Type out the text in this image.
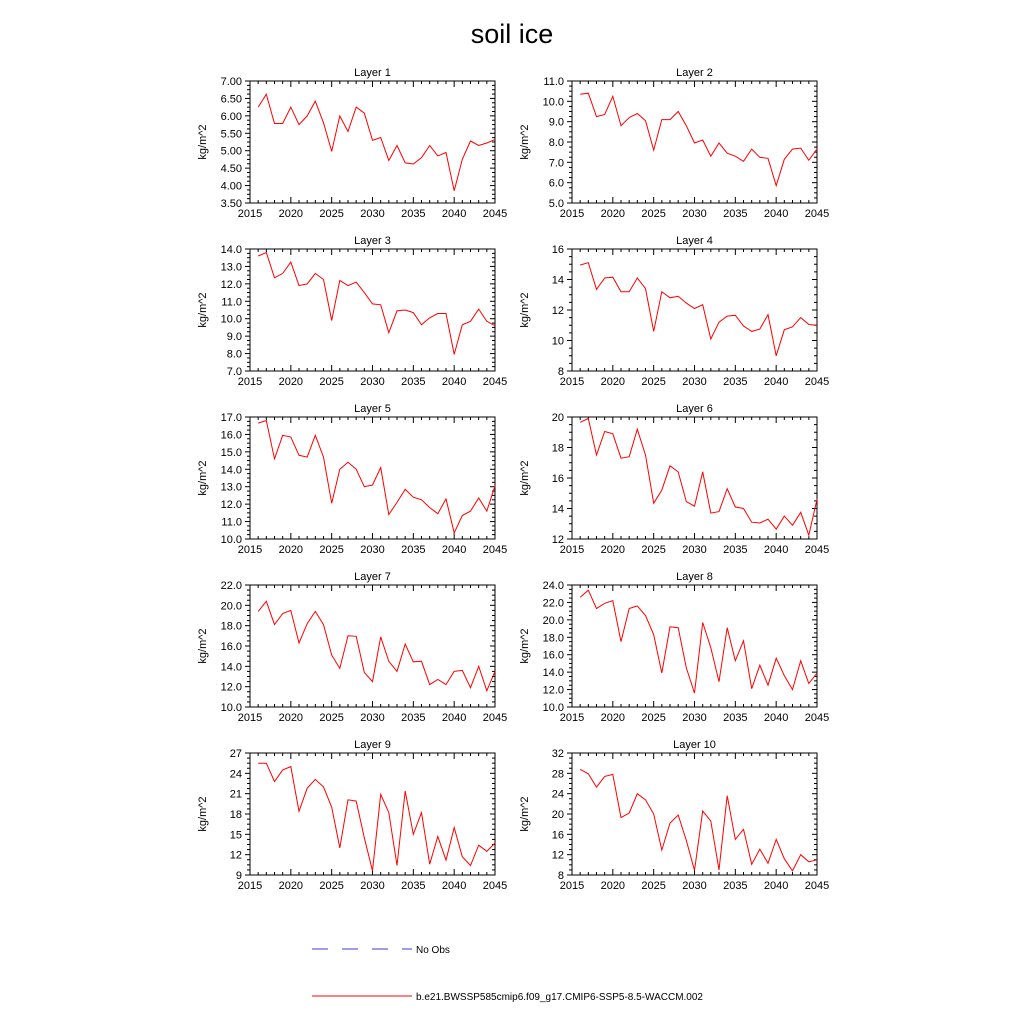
soil ice
Layer 1
2015 2020 2025 2030 2035 2040 2045
3.50
4.00
4.50
5.00
5.50
6.00
6.50
7.00
kg/m^2
Layer 2
2015 2020 2025 2030 2035 2040 2045
5.0
6.0
7.0
8.0
9.0
10.0
11.0
kg/m^2
Layer 3
2015 2020 2025 2030 2035 2040 2045
7.0
8.0
9.0
10.0
11.0
12.0
13.0
14.0
kg/m^2
Layer 4
2015 2020 2025 2030 2035 2040 2045
8
10
12
14
16
kg/m^2
Layer 5
2015 2020 2025 2030 2035 2040 2045
10.0
11.0
12.0
13.0
14.0
15.0
16.0
17.0
kg/m^2
Layer 6
2015 2020 2025 2030 2035 2040 2045
12
14
16
18
20
kg/m^2
Layer 7
2015 2020 2025 2030 2035 2040 2045
10.0
12.0
14.0
16.0
18.0
20.0
22.0
kg/m^2
Layer 8
2015 2020 2025 2030 2035 2040 2045
10.0
12.0
14.0
16.0
18.0
20.0
22.0
24.0
kg/m^2
Layer 9
2015 2020 2025 2030 2035 2040 2045
9
12
15
18
21
24
27
kg/m^2
Layer 10
2015 2020 2025 2030 2035 2040 2045
8
12
16
20
24
28
32
kg/m^2
No Obs
b.e21.BWSSP585cmip6.f09_g17.CMIP6-SSP5-8.5-WACCM.002
